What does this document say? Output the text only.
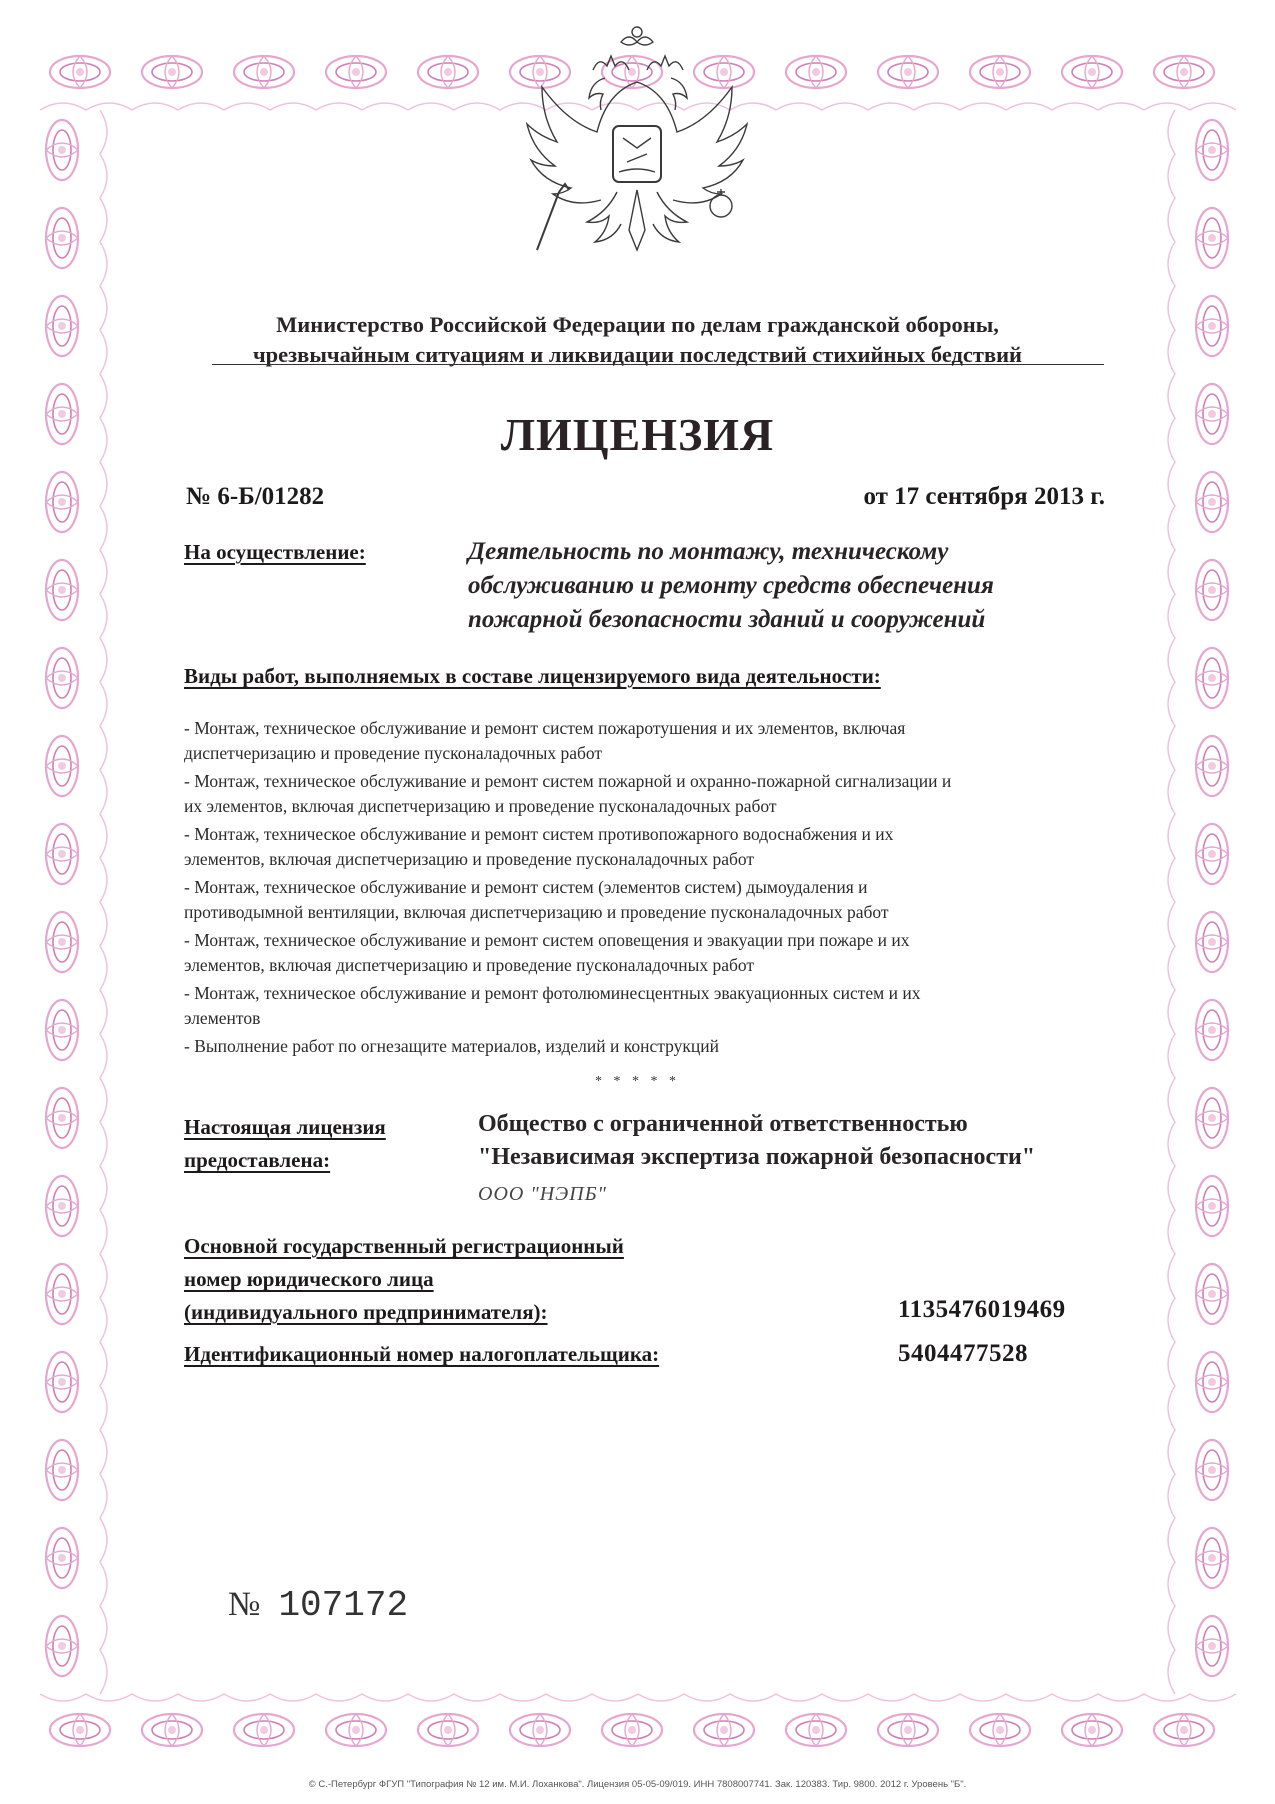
Министерство Российской Федерации по делам гражданской обороны,
чрезвычайным ситуациям и ликвидации последствий стихийных бедствий
ЛИЦЕНЗИЯ
№ 6-Б/01282	от 17 сентября 2013 г.
На осуществление:	Деятельность по монтажу, техническому
обслуживанию и ремонту средств обеспечения
пожарной безопасности зданий и сооружений
Виды работ, выполняемых в составе лицензируемого вида деятельности:
- Монтаж, техническое обслуживание и ремонт систем пожаротушения и их элементов, включая
диспетчеризацию и проведение пусконаладочных работ
- Монтаж, техническое обслуживание и ремонт систем пожарной и охранно-пожарной сигнализации и
их элементов, включая диспетчеризацию и проведение пусконаладочных работ
- Монтаж, техническое обслуживание и ремонт систем противопожарного водоснабжения и их
элементов, включая диспетчеризацию и проведение пусконаладочных работ
- Монтаж, техническое обслуживание и ремонт систем (элементов систем) дымоудаления и
противодымной вентиляции, включая диспетчеризацию и проведение пусконаладочных работ
- Монтаж, техническое обслуживание и ремонт систем оповещения и эвакуации при пожаре и их
элементов, включая диспетчеризацию и проведение пусконаладочных работ
- Монтаж, техническое обслуживание и ремонт фотолюминесцентных эвакуационных систем и их
элементов
- Выполнение работ по огнезащите материалов, изделий и конструкций
* * * * *
Настоящая лицензия
предоставлена:
Общество с ограниченной ответственностью
"Независимая экспертиза пожарной безопасности"
ООО "НЭПБ"
Основной государственный регистрационный
номер юридического лица
(индивидуального предпринимателя):	1135476019469
Идентификационный номер налогоплательщика:	5404477528
№ 107172
© С.-Петербург ФГУП "Типография № 12 им. М.И. Лоханкова". Лицензия 05-05-09/019. ИНН 7808007741. Зак. 120383. Тир. 9800. 2012 г. Уровень "Б".
